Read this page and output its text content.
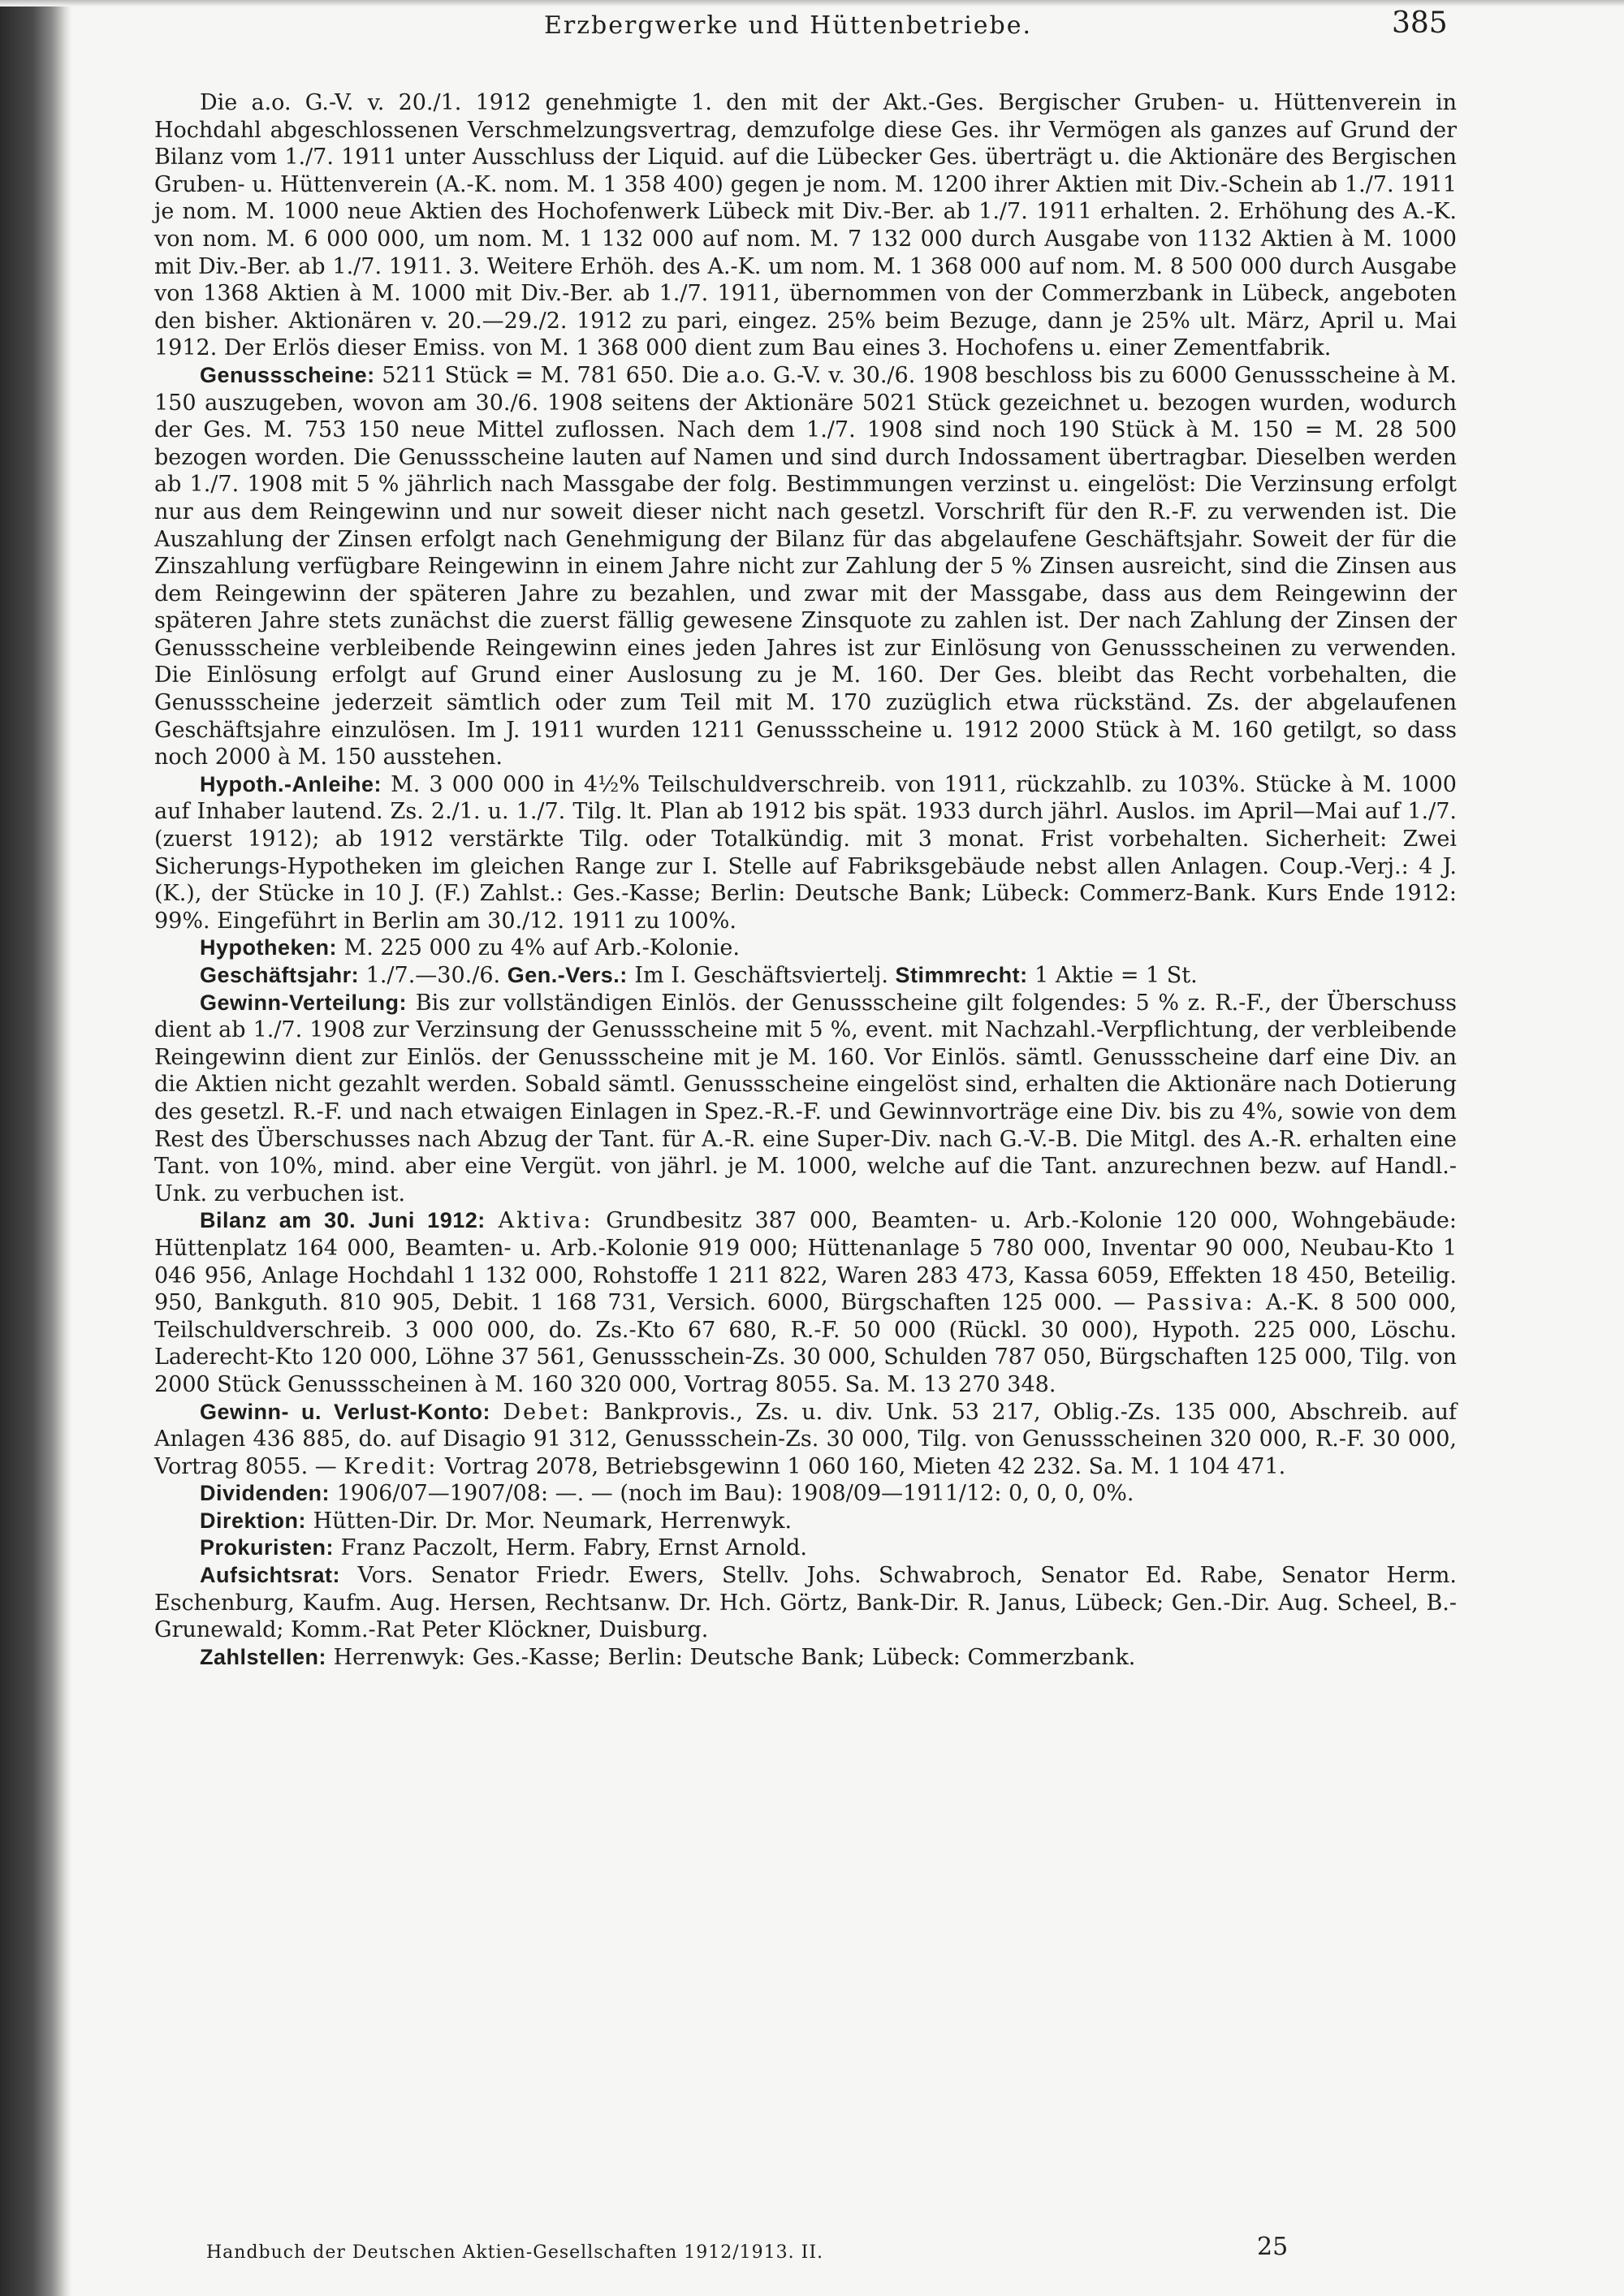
Erzbergwerke und Hüttenbetriebe.	385

Die a.o. G.-V. v. 20./1. 1912 genehmigte 1. den mit der Akt.-Ges. Bergischer Gruben- u. Hüttenverein in Hochdahl abgeschlossenen Verschmelzungsvertrag, demzufolge diese Ges. ihr Vermögen als ganzes auf Grund der Bilanz vom 1./7. 1911 unter Ausschluss der Liquid. auf die Lübecker Ges. überträgt u. die Aktionäre des Bergischen Gruben- u. Hüttenverein (A.-K. nom. M. 1 358 400) gegen je nom. M. 1200 ihrer Aktien mit Div.-Schein ab 1./7. 1911 je nom. M. 1000 neue Aktien des Hochofenwerk Lübeck mit Div.-Ber. ab 1./7. 1911 erhalten. 2. Erhöhung des A.-K. von nom. M. 6 000 000, um nom. M. 1 132 000 auf nom. M. 7 132 000 durch Ausgabe von 1132 Aktien à M. 1000 mit Div.-Ber. ab 1./7. 1911. 3. Weitere Erhöh. des A.-K. um nom. M. 1 368 000 auf nom. M. 8 500 000 durch Ausgabe von 1368 Aktien à M. 1000 mit Div.-Ber. ab 1./7. 1911, übernommen von der Commerzbank in Lübeck, angeboten den bisher. Aktionären v. 20.—29./2. 1912 zu pari, eingez. 25% beim Bezuge, dann je 25% ult. März, April u. Mai 1912. Der Erlös dieser Emiss. von M. 1 368 000 dient zum Bau eines 3. Hochofens u. einer Zementfabrik.

Genussscheine: 5211 Stück = M. 781 650. Die a.o. G.-V. v. 30./6. 1908 beschloss bis zu 6000 Genussscheine à M. 150 auszugeben, wovon am 30./6. 1908 seitens der Aktionäre 5021 Stück gezeichnet u. bezogen wurden, wodurch der Ges. M. 753 150 neue Mittel zuflossen. Nach dem 1./7. 1908 sind noch 190 Stück à M. 150 = M. 28 500 bezogen worden. Die Genussscheine lauten auf Namen und sind durch Indossament übertragbar. Dieselben werden ab 1./7. 1908 mit 5 % jährlich nach Massgabe der folg. Bestimmungen verzinst u. eingelöst: Die Verzinsung erfolgt nur aus dem Reingewinn und nur soweit dieser nicht nach gesetzl. Vorschrift für den R.-F. zu verwenden ist. Die Auszahlung der Zinsen erfolgt nach Genehmigung der Bilanz für das abgelaufene Geschäftsjahr. Soweit der für die Zinszahlung verfügbare Reingewinn in einem Jahre nicht zur Zahlung der 5 % Zinsen ausreicht, sind die Zinsen aus dem Reingewinn der späteren Jahre zu bezahlen, und zwar mit der Massgabe, dass aus dem Reingewinn der späteren Jahre stets zunächst die zuerst fällig gewesene Zinsquote zu zahlen ist. Der nach Zahlung der Zinsen der Genussscheine verbleibende Reingewinn eines jeden Jahres ist zur Einlösung von Genussscheinen zu verwenden. Die Einlösung erfolgt auf Grund einer Auslosung zu je M. 160. Der Ges. bleibt das Recht vorbehalten, die Genussscheine jederzeit sämtlich oder zum Teil mit M. 170 zuzüglich etwa rückständ. Zs. der abgelaufenen Geschäftsjahre einzulösen. Im J. 1911 wurden 1211 Genussscheine u. 1912 2000 Stück à M. 160 getilgt, so dass noch 2000 à M. 150 ausstehen.

Hypoth.-Anleihe: M. 3 000 000 in 4½% Teilschuldverschreib. von 1911, rückzahlb. zu 103%. Stücke à M. 1000 auf Inhaber lautend. Zs. 2./1. u. 1./7. Tilg. lt. Plan ab 1912 bis spät. 1933 durch jährl. Auslos. im April—Mai auf 1./7. (zuerst 1912); ab 1912 verstärkte Tilg. oder Totalkündig. mit 3 monat. Frist vorbehalten. Sicherheit: Zwei Sicherungs-Hypotheken im gleichen Range zur I. Stelle auf Fabriksgebäude nebst allen Anlagen. Coup.-Verj.: 4 J. (K.), der Stücke in 10 J. (F.) Zahlst.: Ges.-Kasse; Berlin: Deutsche Bank; Lübeck: Commerz-Bank. Kurs Ende 1912: 99%. Eingeführt in Berlin am 30./12. 1911 zu 100%.

Hypotheken: M. 225 000 zu 4% auf Arb.-Kolonie.

Geschäftsjahr: 1./7.—30./6. Gen.-Vers.: Im I. Geschäftsviertelj. Stimmrecht: 1 Aktie = 1 St.

Gewinn-Verteilung: Bis zur vollständigen Einlös. der Genussscheine gilt folgendes: 5 % z. R.-F., der Überschuss dient ab 1./7. 1908 zur Verzinsung der Genussscheine mit 5 %, event. mit Nachzahl.-Verpflichtung, der verbleibende Reingewinn dient zur Einlös. der Genussscheine mit je M. 160. Vor Einlös. sämtl. Genussscheine darf eine Div. an die Aktien nicht gezahlt werden. Sobald sämtl. Genussscheine eingelöst sind, erhalten die Aktionäre nach Dotierung des gesetzl. R.-F. und nach etwaigen Einlagen in Spez.-R.-F. und Gewinnvorträge eine Div. bis zu 4%, sowie von dem Rest des Überschusses nach Abzug der Tant. für A.-R. eine Super-Div. nach G.-V.-B. Die Mitgl. des A.-R. erhalten eine Tant. von 10%, mind. aber eine Vergüt. von jährl. je M. 1000, welche auf die Tant. anzurechnen bezw. auf Handl.-Unk. zu verbuchen ist.

Bilanz am 30. Juni 1912: Aktiva: Grundbesitz 387 000, Beamten- u. Arb.-Kolonie 120 000, Wohngebäude: Hüttenplatz 164 000, Beamten- u. Arb.-Kolonie 919 000; Hüttenanlage 5 780 000, Inventar 90 000, Neubau-Kto 1 046 956, Anlage Hochdahl 1 132 000, Rohstoffe 1 211 822, Waren 283 473, Kassa 6059, Effekten 18 450, Beteilig. 950, Bankguth. 810 905, Debit. 1 168 731, Versich. 6000, Bürgschaften 125 000. — Passiva: A.-K. 8 500 000, Teilschuldverschreib. 3 000 000, do. Zs.-Kto 67 680, R.-F. 50 000 (Rückl. 30 000), Hypoth. 225 000, Löschu. Laderecht-Kto 120 000, Löhne 37 561, Genussschein-Zs. 30 000, Schulden 787 050, Bürgschaften 125 000, Tilg. von 2000 Stück Genussscheinen à M. 160 320 000, Vortrag 8055. Sa. M. 13 270 348.

Gewinn- u. Verlust-Konto: Debet: Bankprovis., Zs. u. div. Unk. 53 217, Oblig.-Zs. 135 000, Abschreib. auf Anlagen 436 885, do. auf Disagio 91 312, Genussschein-Zs. 30 000, Tilg. von Genussscheinen 320 000, R.-F. 30 000, Vortrag 8055. — Kredit: Vortrag 2078, Betriebsgewinn 1 060 160, Mieten 42 232. Sa. M. 1 104 471.

Dividenden: 1906/07—1907/08: —. — (noch im Bau): 1908/09—1911/12: 0, 0, 0, 0%.

Direktion: Hütten-Dir. Dr. Mor. Neumark, Herrenwyk.

Prokuristen: Franz Paczolt, Herm. Fabry, Ernst Arnold.

Aufsichtsrat: Vors. Senator Friedr. Ewers, Stellv. Johs. Schwabroch, Senator Ed. Rabe, Senator Herm. Eschenburg, Kaufm. Aug. Hersen, Rechtsanw. Dr. Hch. Görtz, Bank-Dir. R. Janus, Lübeck; Gen.-Dir. Aug. Scheel, B.-Grunewald; Komm.-Rat Peter Klöckner, Duisburg.

Zahlstellen: Herrenwyk: Ges.-Kasse; Berlin: Deutsche Bank; Lübeck: Commerzbank.

Handbuch der Deutschen Aktien-Gesellschaften 1912/1913. II.	25
